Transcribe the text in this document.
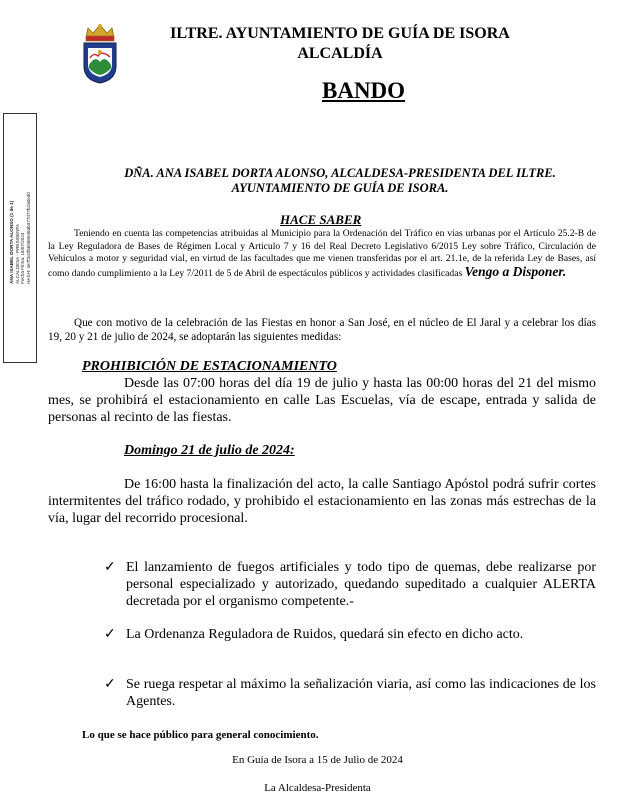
ILTRE. AYUNTAMIENTO DE GUÍA DE ISORA
ALCALDÍA
BANDO
ANA ISABEL DORTA ALONSO (1 de 1) ALCALDESA - PRESIDENTA Fecha Firma: 16/07/2024 HASH: 4e7f3c0f56568546ab377d77b2a0ed0
DÑA. ANA ISABEL DORTA ALONSO, ALCALDESA-PRESIDENTA DEL ILTRE.
AYUNTAMIENTO DE GUÍA DE ISORA.
HACE SABER
Teniendo en cuenta las competencias atribuidas al Municipio para la Ordenación del Tráfico en vías urbanas por el Artículo 25.2-B de la Ley Reguladora de Bases de Régimen Local y Artículo 7 y 16 del Real Decreto Legislativo 6/2015 Ley sobre Tráfico, Circulación de Vehículos a motor y seguridad vial, en virtud de las facultades que me vienen transferidas por el art. 21.1e, de la referida Ley de Bases, así como dando cumplimiento a la Ley 7/2011 de 5 de Abril de espectáculos públicos y actividades clasificadas Vengo a Disponer.
Que con motivo de la celebración de las Fiestas en honor a San José, en el núcleo de El Jaral y a celebrar los días 19, 20 y 21 de julio de 2024, se adoptarán las siguientes medidas:
PROHIBICIÓN DE ESTACIONAMIENTO
Desde las 07:00 horas del día 19 de julio y hasta las 00:00 horas del 21 del mismo mes, se prohibirá el estacionamiento en calle Las Escuelas, vía de escape, entrada y salida de personas al recinto de las fiestas.
Domingo 21 de julio de 2024:
De 16:00 hasta la finalización del acto, la calle Santiago Apóstol podrá sufrir cortes intermitentes del tráfico rodado, y prohibido el estacionamiento en las zonas más estrechas de la vía, lugar del recorrido procesional.
✓ El lanzamiento de fuegos artificiales y todo tipo de quemas, debe realizarse por personal especializado y autorizado, quedando supeditado a cualquier ALERTA decretada por el organismo competente.-
✓ La Ordenanza Reguladora de Ruidos, quedará sin efecto en dicho acto.
✓ Se ruega respetar al máximo la señalización viaria, así como las indicaciones de los Agentes.
Lo que se hace público para general conocimiento.
En Guía de Isora a 15 de Julio de 2024
La Alcaldesa-Presidenta
